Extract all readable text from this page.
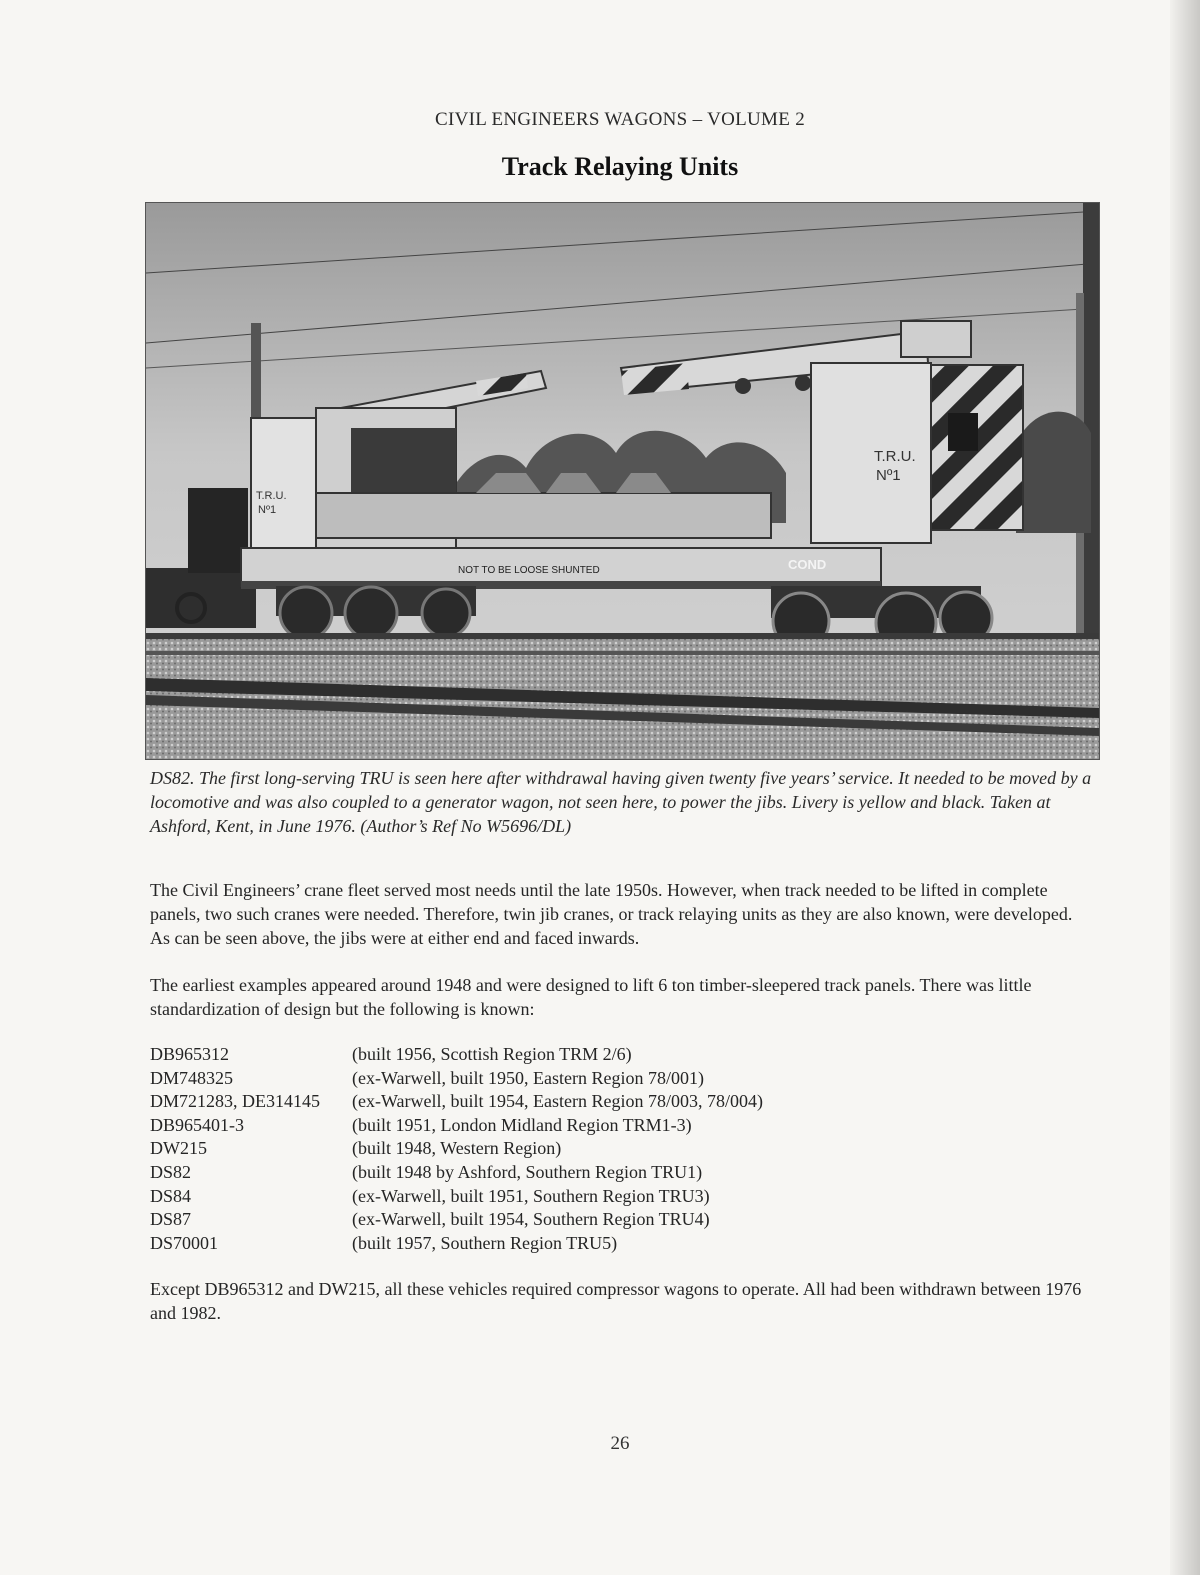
CIVIL ENGINEERS WAGONS – VOLUME 2
Track Relaying Units
T.R.U.
Nº1
T.R.U.
Nº1
NOT TO BE LOOSE SHUNTED	COND
DS82. The first long-serving TRU is seen here after withdrawal having given twenty five years’ service. It needed to be moved by a locomotive and was also coupled to a generator wagon, not seen here, to power the jibs. Livery is yellow and black. Taken at Ashford, Kent, in June 1976. (Author’s Ref No W5696/DL)
The Civil Engineers’ crane fleet served most needs until the late 1950s. However, when track needed to be lifted in complete panels, two such cranes were needed. Therefore, twin jib cranes, or track relaying units as they are also known, were developed. As can be seen above, the jibs were at either end and faced inwards.
The earliest examples appeared around 1948 and were designed to lift 6 ton timber-sleepered track panels. There was little standardization of design but the following is known:
DB965312	(built 1956, Scottish Region TRM 2/6)
DM748325	(ex-Warwell, built 1950, Eastern Region 78/001)
DM721283, DE314145	(ex-Warwell, built 1954, Eastern Region 78/003, 78/004)
DB965401-3	(built 1951, London Midland Region TRM1-3)
DW215	(built 1948, Western Region)
DS82	(built 1948 by Ashford, Southern Region TRU1)
DS84	(ex-Warwell, built 1951, Southern Region TRU3)
DS87	(ex-Warwell, built 1954, Southern Region TRU4)
DS70001	(built 1957, Southern Region TRU5)
Except DB965312 and DW215, all these vehicles required compressor wagons to operate. All had been withdrawn between 1976 and 1982.
26
